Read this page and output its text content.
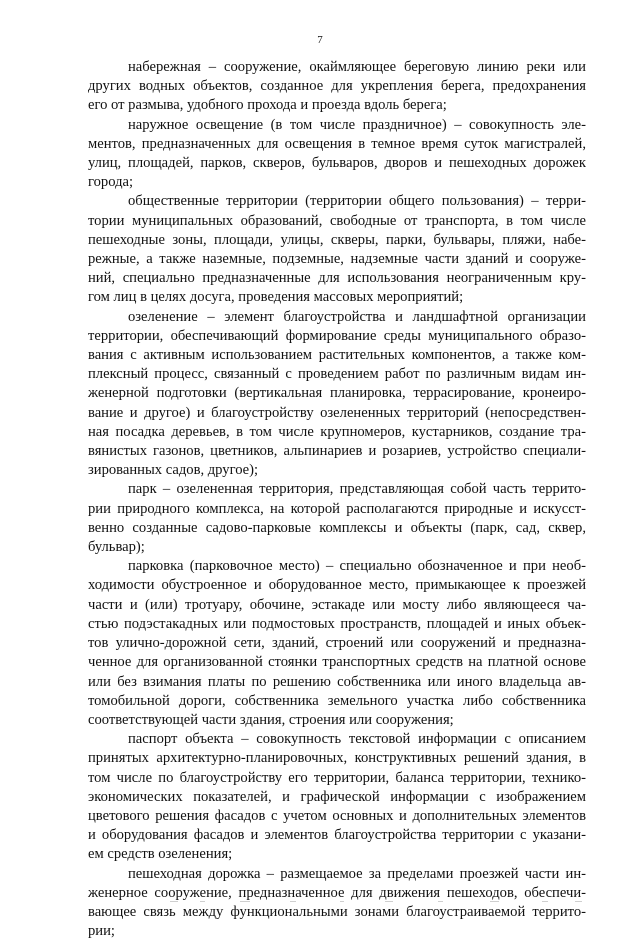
7
набережная – сооружение, окаймляющее береговую линию реки или
других водных объектов, созданное для укрепления берега, предохранения
его от размыва, удобного прохода и проезда вдоль берега;
наружное освещение (в том числе праздничное) – совокупность эле-
ментов, предназначенных для освещения в темное время суток магистралей,
улиц, площадей, парков, скверов, бульваров, дворов и пешеходных дорожек
города;
общественные территории (территории общего пользования) – терри-
тории муниципальных образований, свободные от транспорта, в том числе
пешеходные зоны, площади, улицы, скверы, парки, бульвары, пляжи, набе-
режные, а также наземные, подземные, надземные части зданий и сооруже-
ний, специально предназначенные для использования неограниченным кру-
гом лиц в целях досуга, проведения массовых мероприятий;
озеленение – элемент благоустройства и ландшафтной организации
территории, обеспечивающий формирование среды муниципального образо-
вания с активным использованием растительных компонентов, а также ком-
плексный процесс, связанный с проведением работ по различным видам ин-
женерной подготовки (вертикальная планировка, террасирование, кронеиро-
вание и другое) и благоустройству озелененных территорий (непосредствен-
ная посадка деревьев, в том числе крупномеров, кустарников, создание тра-
вянистых газонов, цветников, альпинариев и розариев, устройство специали-
зированных садов, другое);
парк – озелененная территория, представляющая собой часть террито-
рии природного комплекса, на которой располагаются природные и искусст-
венно созданные садово-парковые комплексы и объекты (парк, сад, сквер,
бульвар);
парковка (парковочное место) – специально обозначенное и при необ-
ходимости обустроенное и оборудованное место, примыкающее к проезжей
части и (или) тротуару, обочине, эстакаде или мосту либо являющееся ча-
стью подэстакадных или подмостовых пространств, площадей и иных объек-
тов улично-дорожной сети, зданий, строений или сооружений и предназна-
ченное для организованной стоянки транспортных средств на платной основе
или без взимания платы по решению собственника или иного владельца ав-
томобильной дороги, собственника земельного участка либо собственника
соответствующей части здания, строения или сооружения;
паспорт объекта – совокупность текстовой информации с описанием
принятых архитектурно-планировочных, конструктивных решений здания, в
том числе по благоустройству его территории, баланса территории, технико-
экономических показателей, и графической информации с изображением
цветового решения фасадов с учетом основных и дополнительных элементов
и оборудования фасадов и элементов благоустройства территории с указани-
ем средств озеленения;
пешеходная дорожка – размещаемое за пределами проезжей части ин-
женерное сооружение, предназначенное для движения пешеходов, обеспечи-
вающее связь между функциональными зонами благоустраиваемой террито-
рии;
